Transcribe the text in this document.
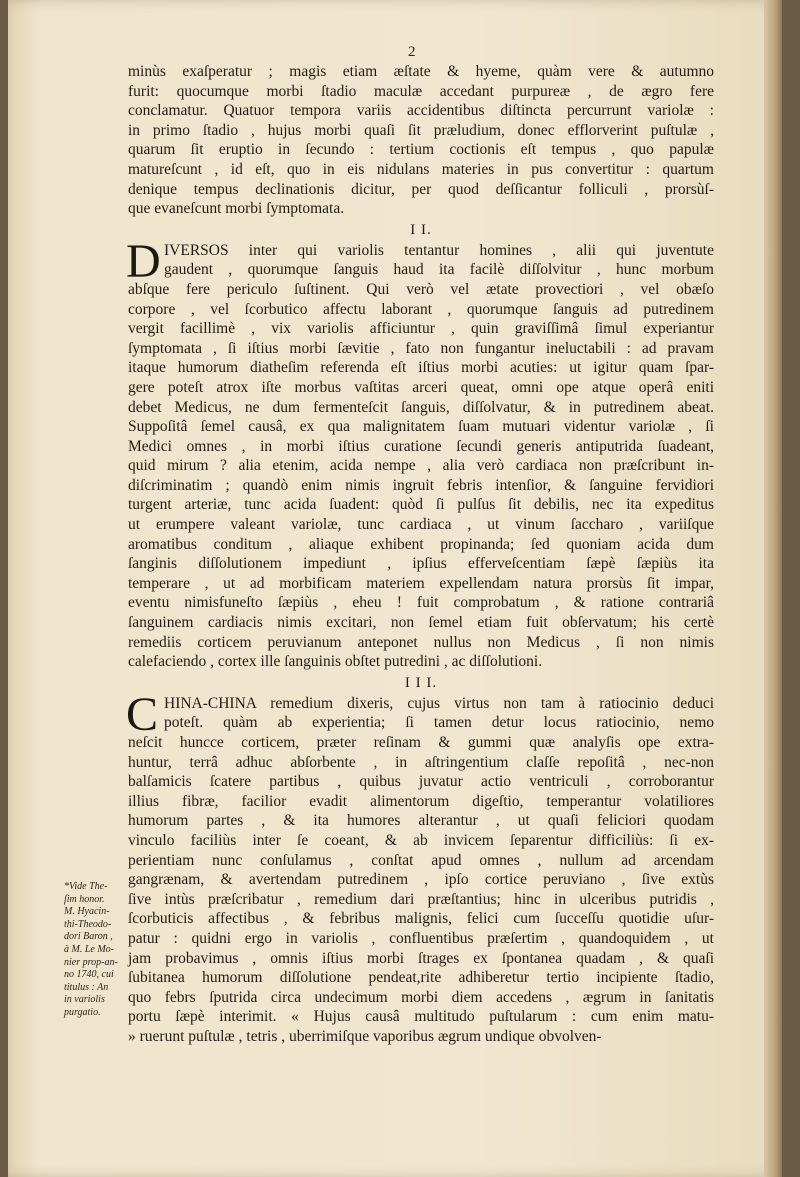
2
minùs exaſperatur ; magis etiam æſtate & hyeme, quàm vere & autumno
furit: quocumque morbi ſtadio maculæ accedant purpureæ , de ægro fere
conclamatur. Quatuor tempora variis accidentibus diſtincta percurrunt variolæ :
in primo ſtadio , hujus morbi quaſi ſit præludium, donec efflorverint puſtulæ ,
quarum ſit eruptio in ſecundo : tertium coctionis eſt tempus , quo papulæ
matureſcunt , id eſt, quo in eis nidulans materies in pus convertitur : quartum
denique tempus declinationis dicitur, per quod deſſicantur folliculi , prorsùſ-
que evaneſcunt morbi ſymptomata.
I I.
D IVERSOS inter qui variolis tentantur homines , alii qui juventute
gaudent , quorumque ſanguis haud ita facilè diſſolvitur , hunc morbum
abſque fere periculo ſuſtinent. Qui verò vel ætate provectiori , vel obæſo
corpore , vel ſcorbutico affectu laborant , quorumque ſanguis ad putredinem
vergit facillimè , vix variolis afficiuntur , quin graviſſimâ ſimul experiantur
ſymptomata , ſi iſtius morbi ſævitie , fato non fungantur ineluctabili : ad pravam
itaque humorum diatheſim referenda eſt iſtius morbi acuties: ut igitur quam ſpar-
gere poteſt atrox iſte morbus vaſtitas arceri queat, omni ope atque operâ eniti
debet Medicus, ne dum fermenteſcit ſanguis, diſſolvatur, & in putredinem abeat.
Suppoſitâ ſemel causâ, ex qua malignitatem ſuam mutuari videntur variolæ , ſi
Medici omnes , in morbi iſtius curatione ſecundi generis antiputrida ſuadeant,
quid mirum ? alia etenim, acida nempe , alia verò cardiaca non præſcribunt in-
diſcriminatim ; quandò enim nimis ingruit febris intenſior, & ſanguine fervidiori
turgent arteriæ, tunc acida ſuadent: quòd ſi pulſus ſit debilis, nec ita expeditus
ut erumpere valeant variolæ, tunc cardiaca , ut vinum ſaccharo , variiſque
aromatibus conditum , aliaque exhibent propinanda; ſed quoniam acida dum
ſanginis diſſolutionem impediunt , ipſius efferveſcentiam ſæpè ſæpiùs ita
temperare , ut ad morbificam materiem expellendam natura prorsùs ſit impar,
eventu nimisfuneſto ſæpiùs , eheu ! fuit comprobatum , & ratione contrariâ
ſanguinem cardiacis nimis excitari, non ſemel etiam fuit obſervatum; his certè
remediis corticem peruvianum anteponet nullus non Medicus , ſi non nimis
calefaciendo , cortex ille ſanguinis obſtet putredini , ac diſſolutioni.
I I I.
C HINA-CHINA remedium dixeris, cujus virtus non tam à ratiocinio deduci
poteſt. quàm ab experientia; ſi tamen detur locus ratiocinio, nemo
neſcit huncce corticem, præter reſinam & gummi quæ analyſis ope extra-
huntur, terrâ adhuc abſorbente , in aſtringentium claſſe repoſitâ , nec-non
balſamicis ſcatere partibus , quibus juvatur actio ventriculi , corroborantur
illius fibræ, facilior evadit alimentorum digeſtio, temperantur volatiliores
humorum partes , & ita humores alterantur , ut quaſi feliciori quodam
vinculo faciliùs inter ſe coeant, & ab invicem ſeparentur difficiliùs: ſi ex-
perientiam nunc conſulamus , conſtat apud omnes , nullum ad arcendam
gangrænam, & avertendam putredinem , ipſo cortice peruviano , ſive extùs
ſive intùs præſcribatur , remedium dari præſtantius; hinc in ulceribus putridis ,
ſcorbuticis affectibus , & febribus malignis, felici cum ſucceſſu quotidie uſur-
patur : quidni ergo in variolis , confluentibus præſertim , quandoquidem , ut
jam probavimus , omnis iſtius morbi ſtrages ex ſpontanea quadam , & quaſi
ſubitanea humorum diſſolutione pendeat,rite adhiberetur tertio incipiente ſtadio,
quo febrs ſputrida circa undecimum morbi diem accedens , ægrum in ſanitatis
portu ſæpè interimit. « Hujus causâ multitudo puſtularum : cum enim matu-
» ruerunt puſtulæ , tetris , uberrimiſque vaporibus ægrum undique obvolven-
*Vide The-
ſim honor.
M. Hyacin-
thi-Theodo-
dori Baron ,
à M. Le Mo-
nier prop-an-
no 1740, cui
titulus : An
in variolis
purgatio.
